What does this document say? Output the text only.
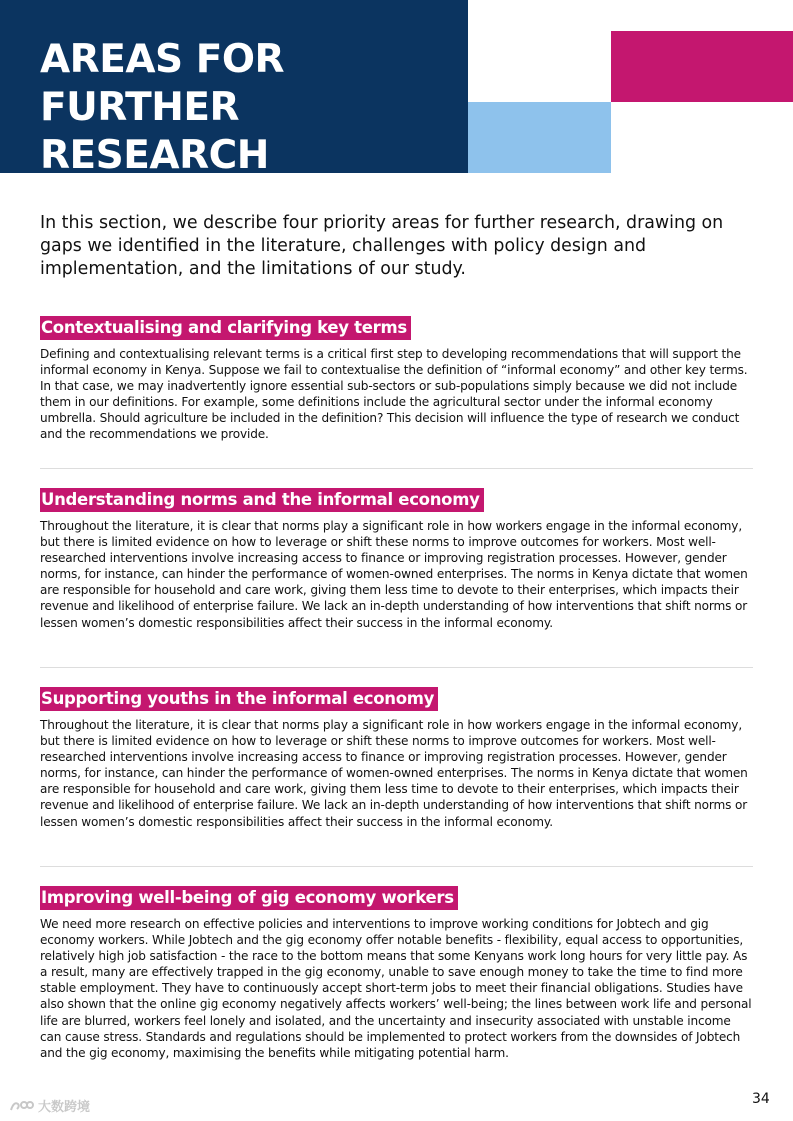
AREAS FOR
FURTHER RESEARCH

In this section, we describe four priority areas for further research, drawing on gaps we identified in the literature, challenges with policy design and implementation, and the limitations of our study.

Contextualising and clarifying key terms

Defining and contextualising relevant terms is a critical first step to developing recommendations that will support the informal economy in Kenya. Suppose we fail to contextualise the definition of “informal economy” and other key terms. In that case, we may inadvertently ignore essential sub-sectors or sub-populations simply because we did not include them in our definitions. For example, some definitions include the agricultural sector under the informal economy umbrella. Should agriculture be included in the definition? This decision will influence the type of research we conduct and the recommendations we provide.

Understanding norms and the informal economy

Throughout the literature, it is clear that norms play a significant role in how workers engage in the informal economy, but there is limited evidence on how to leverage or shift these norms to improve outcomes for workers. Most well-researched interventions involve increasing access to finance or improving registration processes. However, gender norms, for instance, can hinder the performance of women-owned enterprises. The norms in Kenya dictate that women are responsible for household and care work, giving them less time to devote to their enterprises, which impacts their revenue and likelihood of enterprise failure. We lack an in-depth understanding of how interventions that shift norms or lessen women’s domestic responsibilities affect their success in the informal economy.

Supporting youths in the informal economy

Throughout the literature, it is clear that norms play a significant role in how workers engage in the informal economy, but there is limited evidence on how to leverage or shift these norms to improve outcomes for workers. Most well-researched interventions involve increasing access to finance or improving registration processes. However, gender norms, for instance, can hinder the performance of women-owned enterprises. The norms in Kenya dictate that women are responsible for household and care work, giving them less time to devote to their enterprises, which impacts their revenue and likelihood of enterprise failure. We lack an in-depth understanding of how interventions that shift norms or lessen women’s domestic responsibilities affect their success in the informal economy.

Improving well-being of gig economy workers

We need more research on effective policies and interventions to improve working conditions for Jobtech and gig economy workers. While Jobtech and the gig economy offer notable benefits - flexibility, equal access to opportunities, relatively high job satisfaction - the race to the bottom means that some Kenyans work long hours for very little pay. As a result, many are effectively trapped in the gig economy, unable to save enough money to take the time to find more stable employment. They have to continuously accept short-term jobs to meet their financial obligations. Studies have also shown that the online gig economy negatively affects workers’ well-being; the lines between work life and personal life are blurred, workers feel lonely and isolated, and the uncertainty and insecurity associated with unstable income can cause stress. Standards and regulations should be implemented to protect workers from the downsides of Jobtech and the gig economy, maximising the benefits while mitigating potential harm.

大数跨境
34
